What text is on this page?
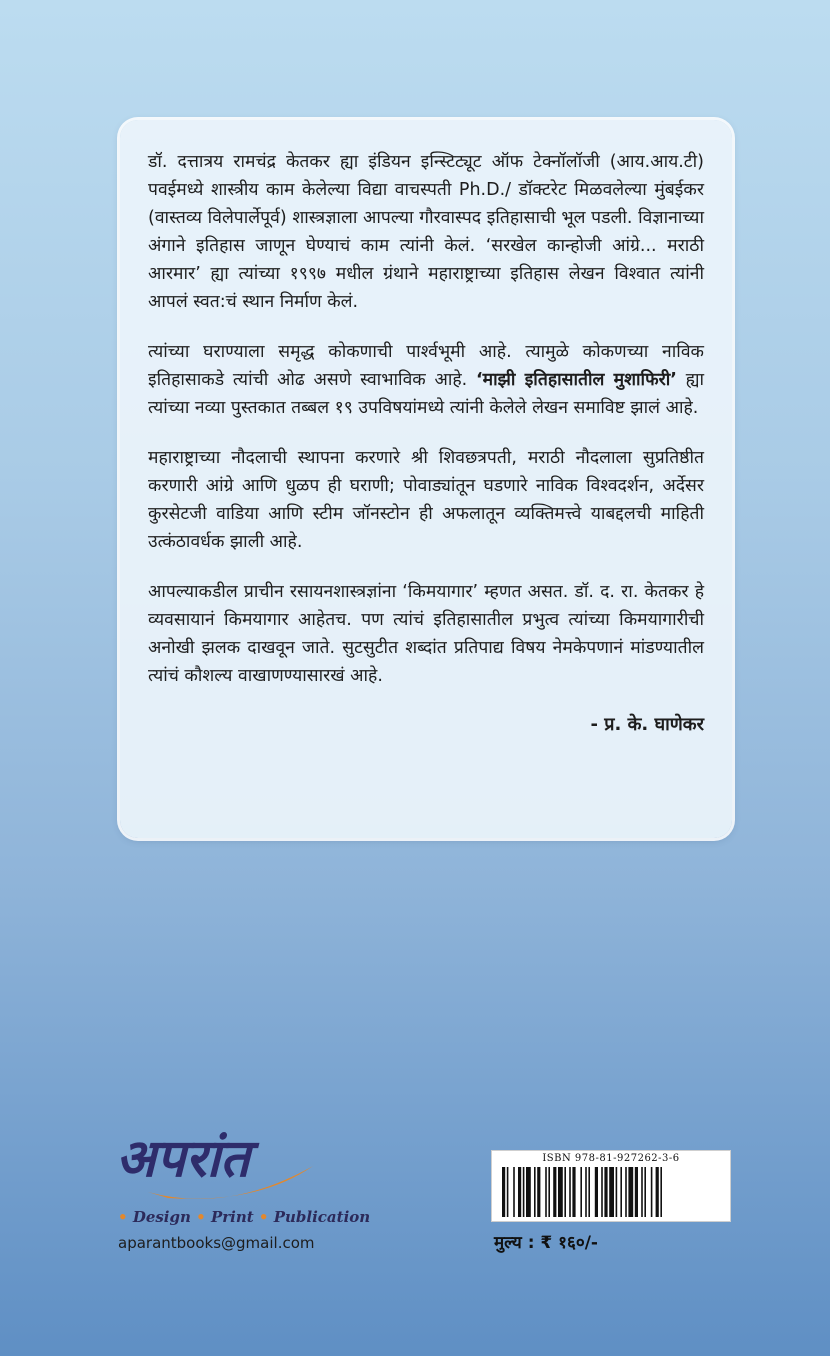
डॉ. दत्तात्रय रामचंद्र केतकर ह्या इंडियन इन्स्टिट्यूट ऑफ टेक्नॉलॉजी (आय.आय.टी) पवईमध्ये शास्त्रीय काम केलेल्या विद्या वाचस्पती Ph.D./ डॉक्टरेट मिळवलेल्या मुंबईकर (वास्तव्य विलेपार्लेपूर्व) शास्त्रज्ञाला आपल्या गौरवास्पद इतिहासाची भूल पडली. विज्ञानाच्या अंगाने इतिहास जाणून घेण्याचं काम त्यांनी केलं. ‘सरखेल कान्होजी आंग्रे... मराठी आरमार’ ह्या त्यांच्या १९९७ मधील ग्रंथाने महाराष्ट्राच्या इतिहास लेखन विश्वात त्यांनी आपलं स्वत:चं स्थान निर्माण केलं.

त्यांच्या घराण्याला समृद्ध कोकणाची पार्श्वभूमी आहे. त्यामुळे कोकणच्या नाविक इतिहासाकडे त्यांची ओढ असणे स्वाभाविक आहे. ‘माझी इतिहासातील मुशाफिरी’ ह्या त्यांच्या नव्या पुस्तकात तब्बल १९ उपविषयांमध्ये त्यांनी केलेले लेखन समाविष्ट झालं आहे.

महाराष्ट्राच्या नौदलाची स्थापना करणारे श्री शिवछत्रपती, मराठी नौदलाला सुप्रतिष्ठीत करणारी आंग्रे आणि धुळप ही घराणी; पोवाड्यांतून घडणारे नाविक विश्वदर्शन, अर्देसर कुरसेटजी वाडिया आणि स्टीम जॉनस्टोन ही अफलातून व्यक्तिमत्त्वे याबद्दलची माहिती उत्कंठावर्धक झाली आहे.

आपल्याकडील प्राचीन रसायनशास्त्रज्ञांना ‘किमयागार’ म्हणत असत. डॉ. द. रा. केतकर हे व्यवसायानं किमयागार आहेतच. पण त्यांचं इतिहासातील प्रभुत्व त्यांच्या किमयागारीची अनोखी झलक दाखवून जाते. सुटसुटीत शब्दांत प्रतिपाद्य विषय नेमकेपणानं मांडण्यातील त्यांचं कौशल्य वाखाणण्यासारखं आहे.

- प्र. के. घाणेकर
अपरांत
• Design • Print • Publication
aparantbooks@gmail.com
ISBN 978-81-927262-3-6
मुल्य : ₹ १६०/-
